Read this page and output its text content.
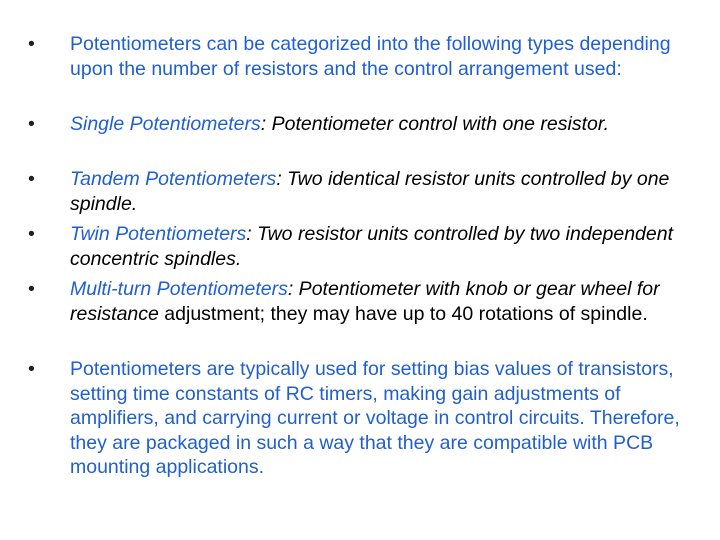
•	Potentiometers can be categorized into the following types depending upon the number of resistors and the control arrangement used:
•	Single Potentiometers: Potentiometer control with one resistor.
•	Tandem Potentiometers: Two identical resistor units controlled by one spindle.
•	Twin Potentiometers: Two resistor units controlled by two independent concentric spindles.
•	Multi-turn Potentiometers: Potentiometer with knob or gear wheel for resistance adjustment; they may have up to 40 rotations of spindle.
•	Potentiometers are typically used for setting bias values of transistors, setting time constants of RC timers, making gain adjustments of amplifiers, and carrying current or voltage in control circuits. Therefore, they are packaged in such a way that they are compatible with PCB mounting applications.
